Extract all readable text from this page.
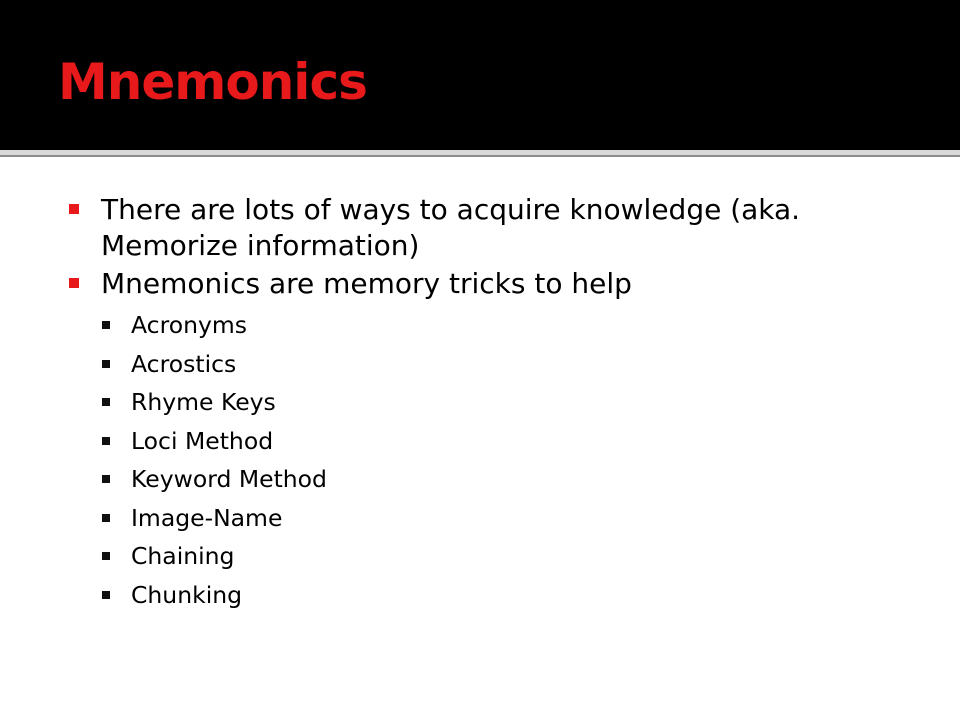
Mnemonics
There are lots of ways to acquire knowledge (aka. Memorize information)
Mnemonics are memory tricks to help
Acronyms
Acrostics
Rhyme Keys
Loci Method
Keyword Method
Image-Name
Chaining
Chunking
